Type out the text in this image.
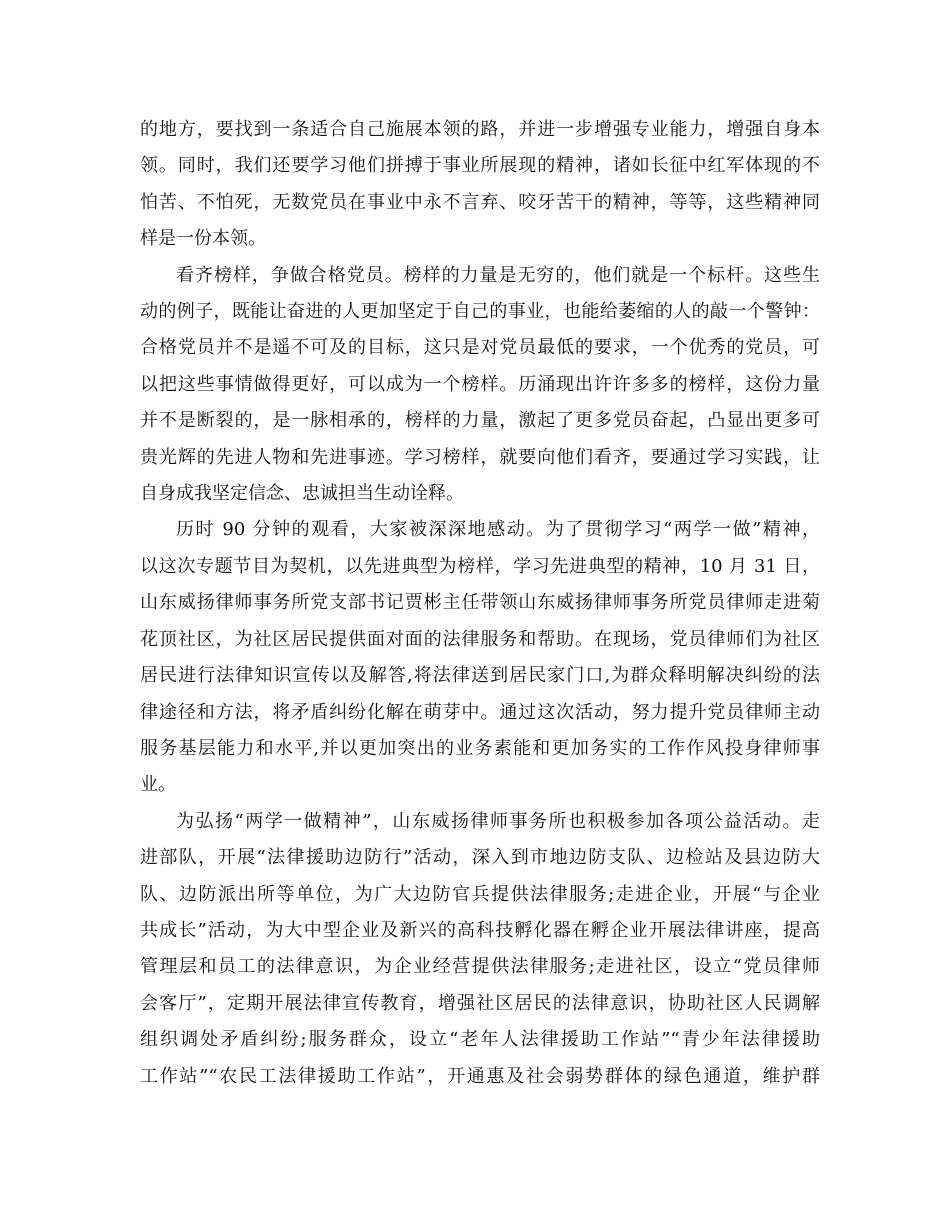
的地方，要找到一条适合自己施展本领的路，并进一步增强专业能力，增强自身本
领。同时，我们还要学习他们拼搏于事业所展现的精神，诸如长征中红军体现的不
怕苦、不怕死，无数党员在事业中永不言弃、咬牙苦干的精神，等等，这些精神同
样是一份本领。

看齐榜样，争做合格党员。榜样的力量是无穷的，他们就是一个标杆。这些生
动的例子，既能让奋进的人更加坚定于自己的事业，也能给萎缩的人的敲一个警钟：
合格党员并不是遥不可及的目标，这只是对党员最低的要求，一个优秀的党员，可
以把这些事情做得更好，可以成为一个榜样。历涌现出许许多多的榜样，这份力量
并不是断裂的，是一脉相承的，榜样的力量，激起了更多党员奋起，凸显出更多可
贵光辉的先进人物和先进事迹。学习榜样，就要向他们看齐，要通过学习实践，让
自身成我坚定信念、忠诚担当生动诠释。

历时 90 分钟的观看，大家被深深地感动。为了贯彻学习“两学一做”精神，
以这次专题节目为契机，以先进典型为榜样，学习先进典型的精神，10 月 31 日，
山东威扬律师事务所党支部书记贾彬主任带领山东威扬律师事务所党员律师走进菊
花顶社区，为社区居民提供面对面的法律服务和帮助。在现场，党员律师们为社区
居民进行法律知识宣传以及解答,将法律送到居民家门口,为群众释明解决纠纷的法
律途径和方法，将矛盾纠纷化解在萌芽中。通过这次活动，努力提升党员律师主动
服务基层能力和水平,并以更加突出的业务素能和更加务实的工作作风投身律师事
业。

为弘扬“两学一做精神”，山东威扬律师事务所也积极参加各项公益活动。走
进部队，开展“法律援助边防行”活动，深入到市地边防支队、边检站及县边防大
队、边防派出所等单位，为广大边防官兵提供法律服务;走进企业，开展“与企业
共成长”活动，为大中型企业及新兴的高科技孵化器在孵企业开展法律讲座，提高
管理层和员工的法律意识，为企业经营提供法律服务;走进社区，设立“党员律师
会客厅”，定期开展法律宣传教育，增强社区居民的法律意识，协助社区人民调解
组织调处矛盾纠纷;服务群众，设立“老年人法律援助工作站”“青少年法律援助
工作站”“农民工法律援助工作站”，开通惠及社会弱势群体的绿色通道，维护群
